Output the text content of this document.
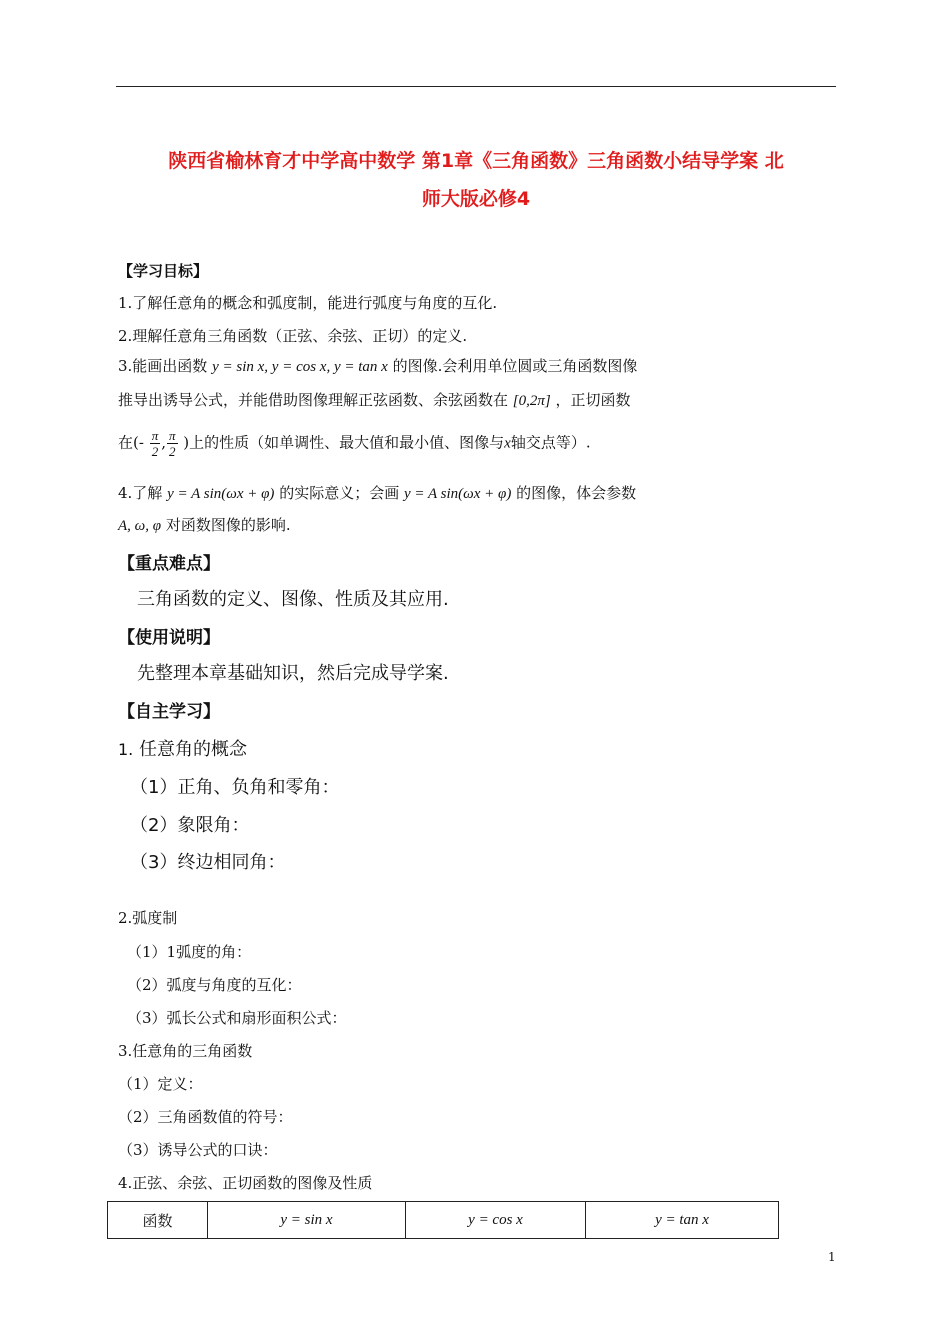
陕西省榆林育才中学高中数学 第1章《三角函数》三角函数小结导学案 北
师大版必修4
【学习目标】
1.了解任意角的概念和弧度制，能进行弧度与角度的互化.
2.理解任意角三角函数（正弦、余弦、正切）的定义.
3.能画出函数 y = sin x, y = cos x, y = tan x 的图像.会利用单位圆或三角函数图像
推导出诱导公式，并能借助图像理解正弦函数、余弦函数在 [0,2π] ，正切函数
在(- $\frac{\pi}{2}$ , $\frac{\pi}{2}$ )上的性质（如单调性、最大值和最小值、图像与x轴交点等）.
4.了解 y = A sin(ωx + φ) 的实际意义；会画 y = A sin(ωx + φ) 的图像，体会参数
A, ω, φ 对函数图像的影响.
【重点难点】
三角函数的定义、图像、性质及其应用.
【使用说明】
先整理本章基础知识，然后完成导学案.
【自主学习】
1. 任意角的概念
（1）正角、负角和零角：
（2）象限角：
（3）终边相同角：
2.弧度制
（1）1弧度的角：
（2）弧度与角度的互化：
（3）弧长公式和扇形面积公式：
3.任意角的三角函数
（1）定义：
（2）三角函数值的符号：
（3）诱导公式的口诀：
4.正弦、余弦、正切函数的图像及性质
函数	y = sin x	y = cos x	y = tan x
1
